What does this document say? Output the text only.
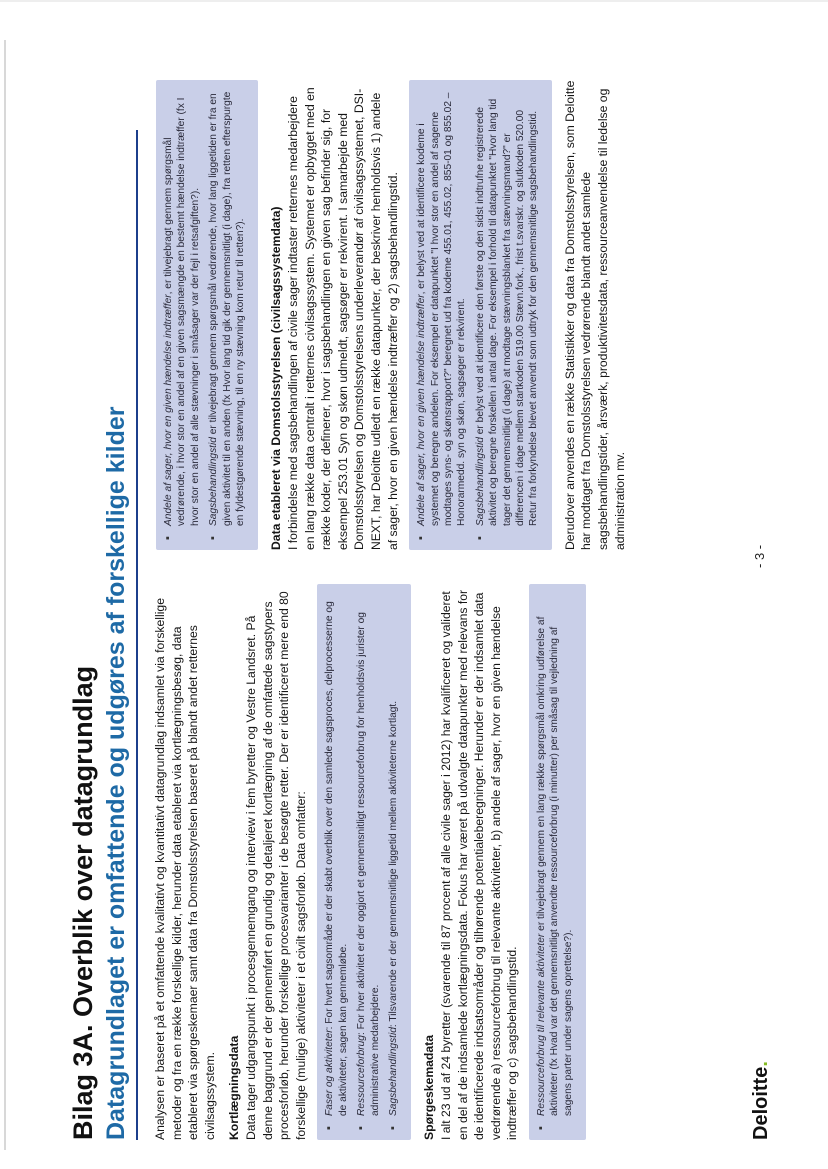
Bilag 3A. Overblik over datagrundlag Datagrundlaget er omfattende og udgøres af forskellige kilder Analysen er baseret på et omfattende kvalitativt og kvantitativt datagrundlag indsamlet via forskellige metoder og fra en række forskellige kilder, herunder data etableret via kortlægningsbesøg, data etableret via spørgeskemaer samt data fra Domstolsstyrelsen baseret på blandt andet retternes civilsagssystem. Kortlægningsdata Data tager udgangspunkt i procesgennemgang og interview i fem byretter og Vestre Landsret. På denne baggrund er der gennemført en grundig og detaljeret kortlægning af de omfattede sagstypers procesforløb, herunder forskellige procesvarianter i de besøgte retter. Der er identificeret mere end 80 forskellige (mulige) aktiviteter i et civilt sagsforløb. Data omfatter: ▪ Faser og aktiviteter: For hvert sagsområde er der skabt overblik over den samlede sagsproces, delprocesserne og de aktiviteter, sagen kan gennemløbe. ▪ Ressourceforbrug: For hver aktivitet er der opgjort et gennemsnitligt ressourceforbrug for henholdsvis jurister og administrative medarbejdere. ▪ Sagsbehandlingstid: Tilsvarende er der gennemsnitlige liggetid mellem aktiviteterne kortlagt.

Spørgeskemadata I alt 23 ud af 24 byretter (svarende til 87 procent af alle civile sager i 2012) har kvalificeret og valideret en del af de indsamlede kortlægningsdata. Fokus har været på udvalgte datapunkter med relevans for de identificerede indsatsområder og tilhørende potentialeberegninger. Herunder er der indsamlet data vedrørende a) ressourceforbrug til relevante aktiviteter, b) andele af sager, hvor en given hændelse indtræffer og c) sagsbehandlingstid. ▪ Ressourceforbrug til relevante aktiviteter er tilvejebragt gennem en lang række spørgsmål omkring udførelse af aktiviteter (fx Hvad var det gennemsnitligt anvendte ressourceforbrug (i minutter) per småsag til vejledning af sagens parter under sagens oprettelse?).
▪ Andele af sager, hvor en given hændelse indtræffer, er tilvejebragt gennem spørgsmål vedrørende, i hvor stor en andel af en given sagsmængde en bestemt hændelse indtræffer (fx I hvor stor en andel af alle stævninger i småsager var der fejl i retsafgiften?). ▪ Sagsbehandlingstid er tilvejebragt gennem spørgsmål vedrørende, hvor lang liggetiden er fra en given aktivitet til en anden (fx Hvor lang tid gik der gennemsnitligt (i dage), fra retten efterspurgte en fyldestgørende stævning, til en ny stævning kom retur til retten?). Data etableret via Domstolsstyrelsen (civilsagssystemdata) I forbindelse med sagsbehandlingen af civile sager indtaster retternes medarbejdere en lang række data centralt i retternes civilsagssystem. Systemet er opbygget med en række koder, der definerer, hvor i sagsbehandlingen en given sag befinder sig, for eksempel 253.01 Syn og skøn udmeldt, sagsøger er rekvirent. I samarbejde med Domstolsstyrelsen og Domstolsstyrelsens underleverandør af civilsagssystemet, DSI-NEXT, har Deloitte udledt en række datapunkter, der beskriver henholdsvis 1) andele af sager, hvor en given hændelse indtræffer og 2) sagsbehandlingstid. ▪ Andele af sager, hvor en given hændelse indtræffer, er belyst ved at identificere kodeme i systemet og beregne andelen. For eksempel er datapunktet "I hvor stor en andel af sagerne modtages syns- og skønsrapport?" beregnet ud fra kodeme 455.01, 455.02, 855-01 og 855.02 – Honorarmedd. syn og skøn, sagsøger er rekvirent. ▪ Sagsbehandlingstid er belyst ved at identificere den første og den sidst indtrufne registrerede aktivitet og beregne forskellen i antal dage. For eksempel i forhold til datapunktet "Hvor lang tid tager det gennemsnitligt (i dage) at modtage stævningsblanket fra stævningsmand?" er differencen i dage mellem startkoden 519.00 Stævn.fork., frist t.svarskr. og slutkoden 520.00 Retur fra forkyndelse blevet anvendt som udtryk for den gennemsnitlige sagsbehandlingstid. Derudover anvendes en række Statistikker og data fra Domstolsstyrelsen, som Deloitte har modtaget fra Domstolsstyrelsen vedrørende blandt andet samlede sagsbehandlingstider, årsværk, produktivitetsdata, ressourceanvendelse til ledelse og administration mv.

Deloitte.
- 3 -
